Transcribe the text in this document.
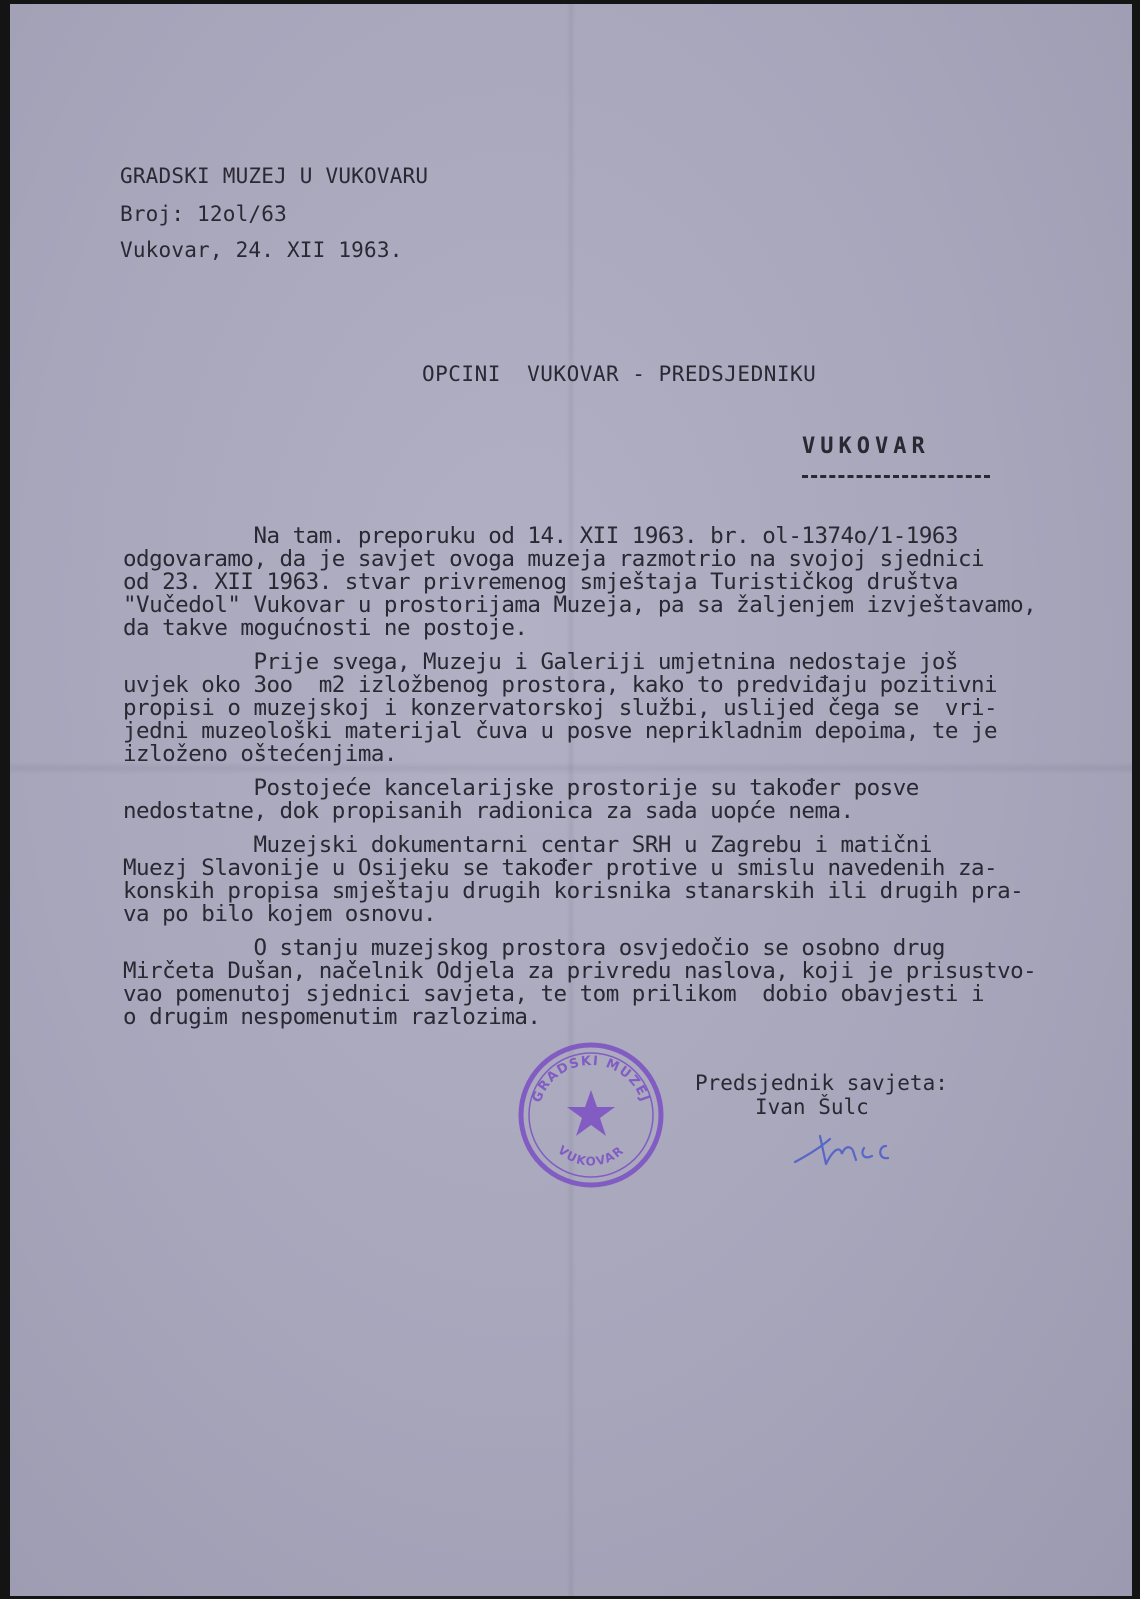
GRADSKI MUZEJ U VUKOVARU
Broj: 12ol/63
Vukovar, 24. XII 1963.
OPCINI  VUKOVAR - PREDSJEDNIKU
VUKOVAR
Na tam. preporuku od 14. XII 1963. br. ol-1374o/1-1963
odgovaramo, da je savjet ovoga muzeja razmotrio na svojoj sjednici
od 23. XII 1963. stvar privremenog smještaja Turističkog društva
"Vučedol" Vukovar u prostorijama Muzeja, pa sa žaljenjem izvještavamo,
da takve mogućnosti ne postoje.
Prije svega, Muzeju i Galeriji umjetnina nedostaje još
uvjek oko 3oo  m2 izložbenog prostora, kako to predviđaju pozitivni
propisi o muzejskoj i konzervatorskoj službi, uslijed čega se  vri-
jedni muzeološki materijal čuva u posve neprikladnim depoima, te je
izloženo oštećenjima.
Postojeće kancelarijske prostorije su također posve
nedostatne, dok propisanih radionica za sada uopće nema.
Muzejski dokumentarni centar SRH u Zagrebu i matični
Muezj Slavonije u Osijeku se također protive u smislu navedenih za-
konskih propisa smještaju drugih korisnika stanarskih ili drugih pra-
va po bilo kojem osnovu.
O stanju muzejskog prostora osvjedočio se osobno drug
Mirčeta Dušan, načelnik Odjela za privredu naslova, koji je prisustvo-
vao pomenutoj sjednici savjeta, te tom prilikom  dobio obavjesti i
o drugim nespomenutim razlozima.
GRADSKI MUZEJ
VUKOVAR
Predsjednik savjeta:
Ivan Šulc
